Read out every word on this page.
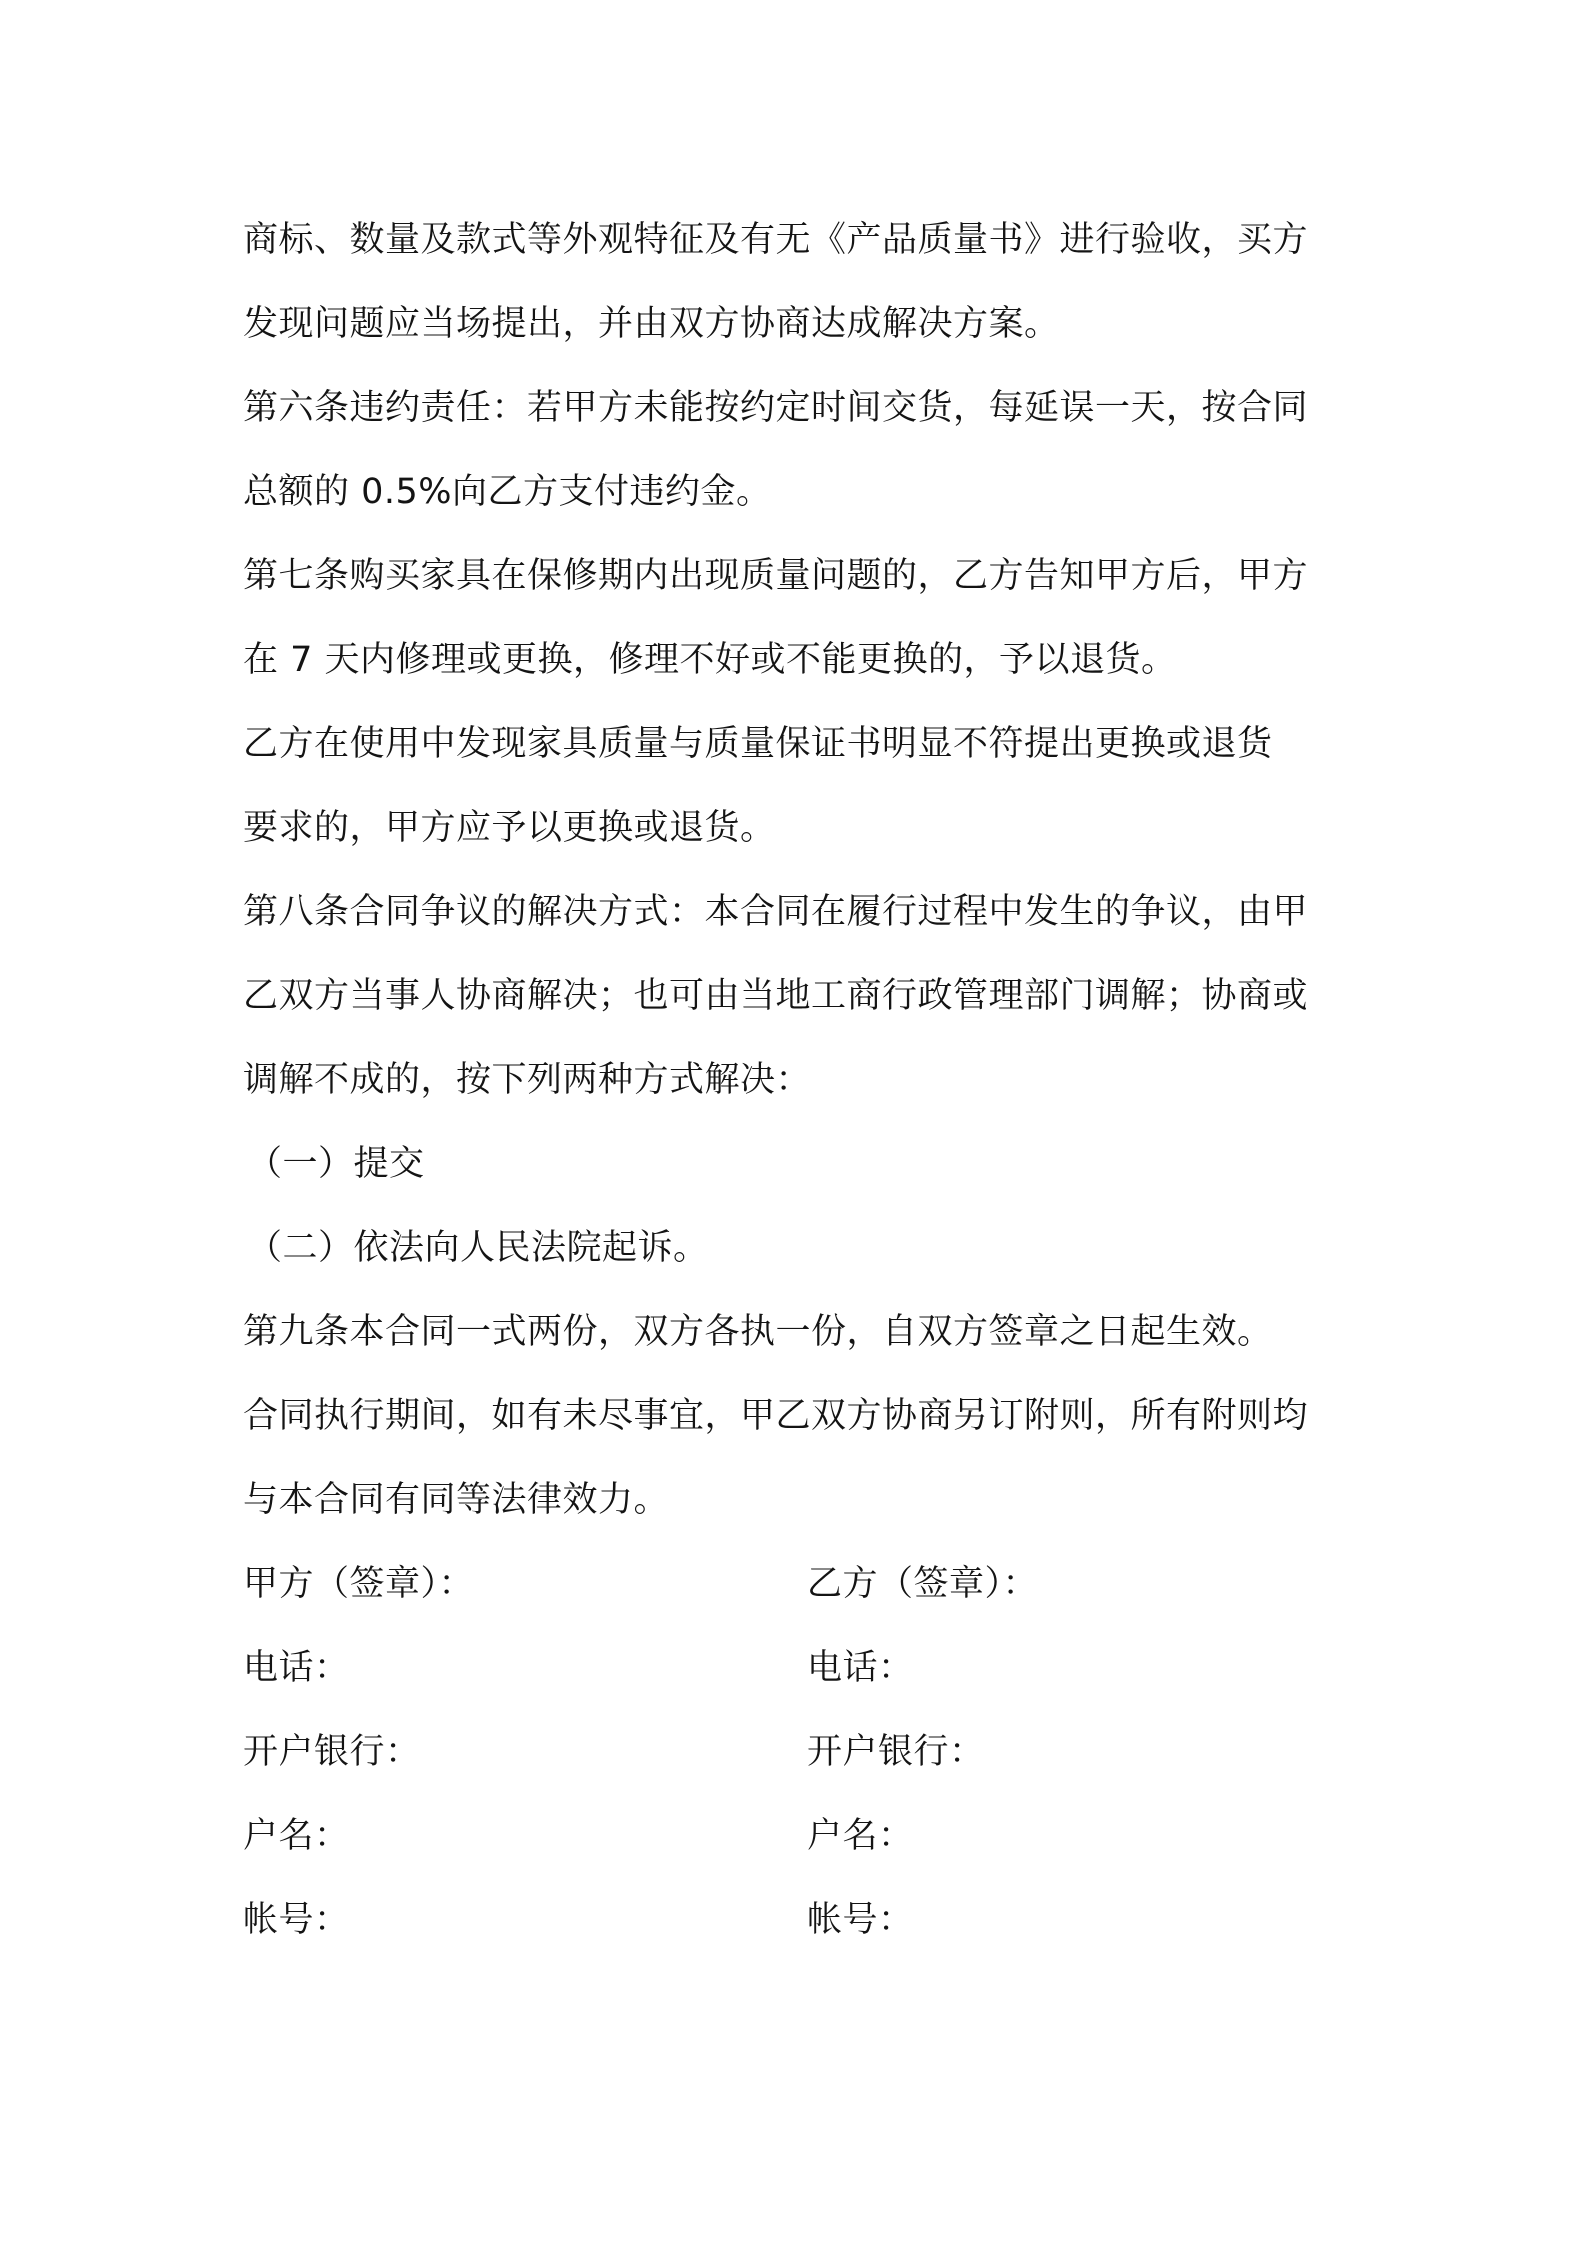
商标、数量及款式等外观特征及有无《产品质量书》进行验收，买方
发现问题应当场提出，并由双方协商达成解决方案。
第六条违约责任：若甲方未能按约定时间交货，每延误一天，按合同
总额的 0.5%向乙方支付违约金。
第七条购买家具在保修期内出现质量问题的，乙方告知甲方后，甲方
在 7 天内修理或更换，修理不好或不能更换的，予以退货。
乙方在使用中发现家具质量与质量保证书明显不符提出更换或退货
要求的，甲方应予以更换或退货。
第八条合同争议的解决方式：本合同在履行过程中发生的争议，由甲
乙双方当事人协商解决；也可由当地工商行政管理部门调解；协商或
调解不成的，按下列两种方式解决：
（一）提交
（二）依法向人民法院起诉。
第九条本合同一式两份，双方各执一份，自双方签章之日起生效。
合同执行期间，如有未尽事宜，甲乙双方协商另订附则，所有附则均
与本合同有同等法律效力。
甲方（签章）：	乙方（签章）：
电话：	电话：
开户银行：	开户银行：
户名：	户名：
帐号：	帐号：
